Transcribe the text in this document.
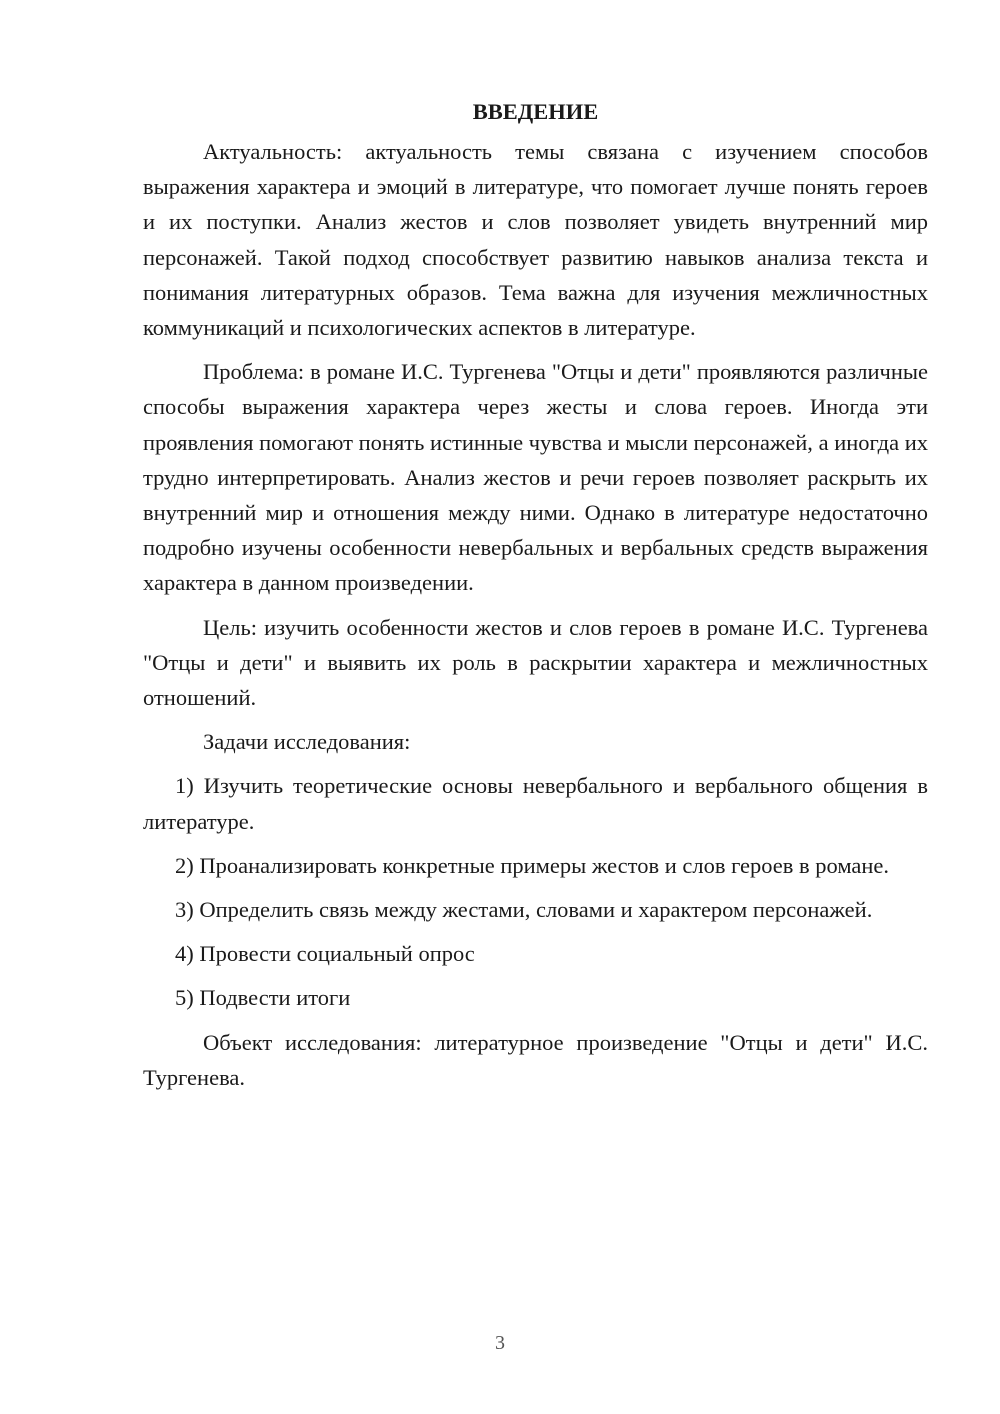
ВВЕДЕНИЕ

Актуальность: актуальность темы связана с изучением способов выражения характера и эмоций в литературе, что помогает лучше понять героев и их поступки. Анализ жестов и слов позволяет увидеть внутренний мир персонажей. Такой подход способствует развитию навыков анализа текста и понимания литературных образов. Тема важна для изучения межличностных коммуникаций и психологических аспектов в литературе.

Проблема: в романе И.С. Тургенева "Отцы и дети" проявляются различные способы выражения характера через жесты и слова героев. Иногда эти проявления помогают понять истинные чувства и мысли персонажей, а иногда их трудно интерпретировать. Анализ жестов и речи героев позволяет раскрыть их внутренний мир и отношения между ними. Однако в литературе недостаточно подробно изучены особенности невербальных и вербальных средств выражения характера в данном произведении.

Цель: изучить особенности жестов и слов героев в романе И.С. Тургенева "Отцы и дети" и выявить их роль в раскрытии характера и межличностных отношений.

Задачи исследования:

1) Изучить теоретические основы невербального и вербального общения в литературе.

2) Проанализировать конкретные примеры жестов и слов героев в романе.

3) Определить связь между жестами, словами и характером персонажей.

4) Провести социальный опрос

5) Подвести итоги

Объект исследования: литературное произведение "Отцы и дети" И.С. Тургенева.

3
